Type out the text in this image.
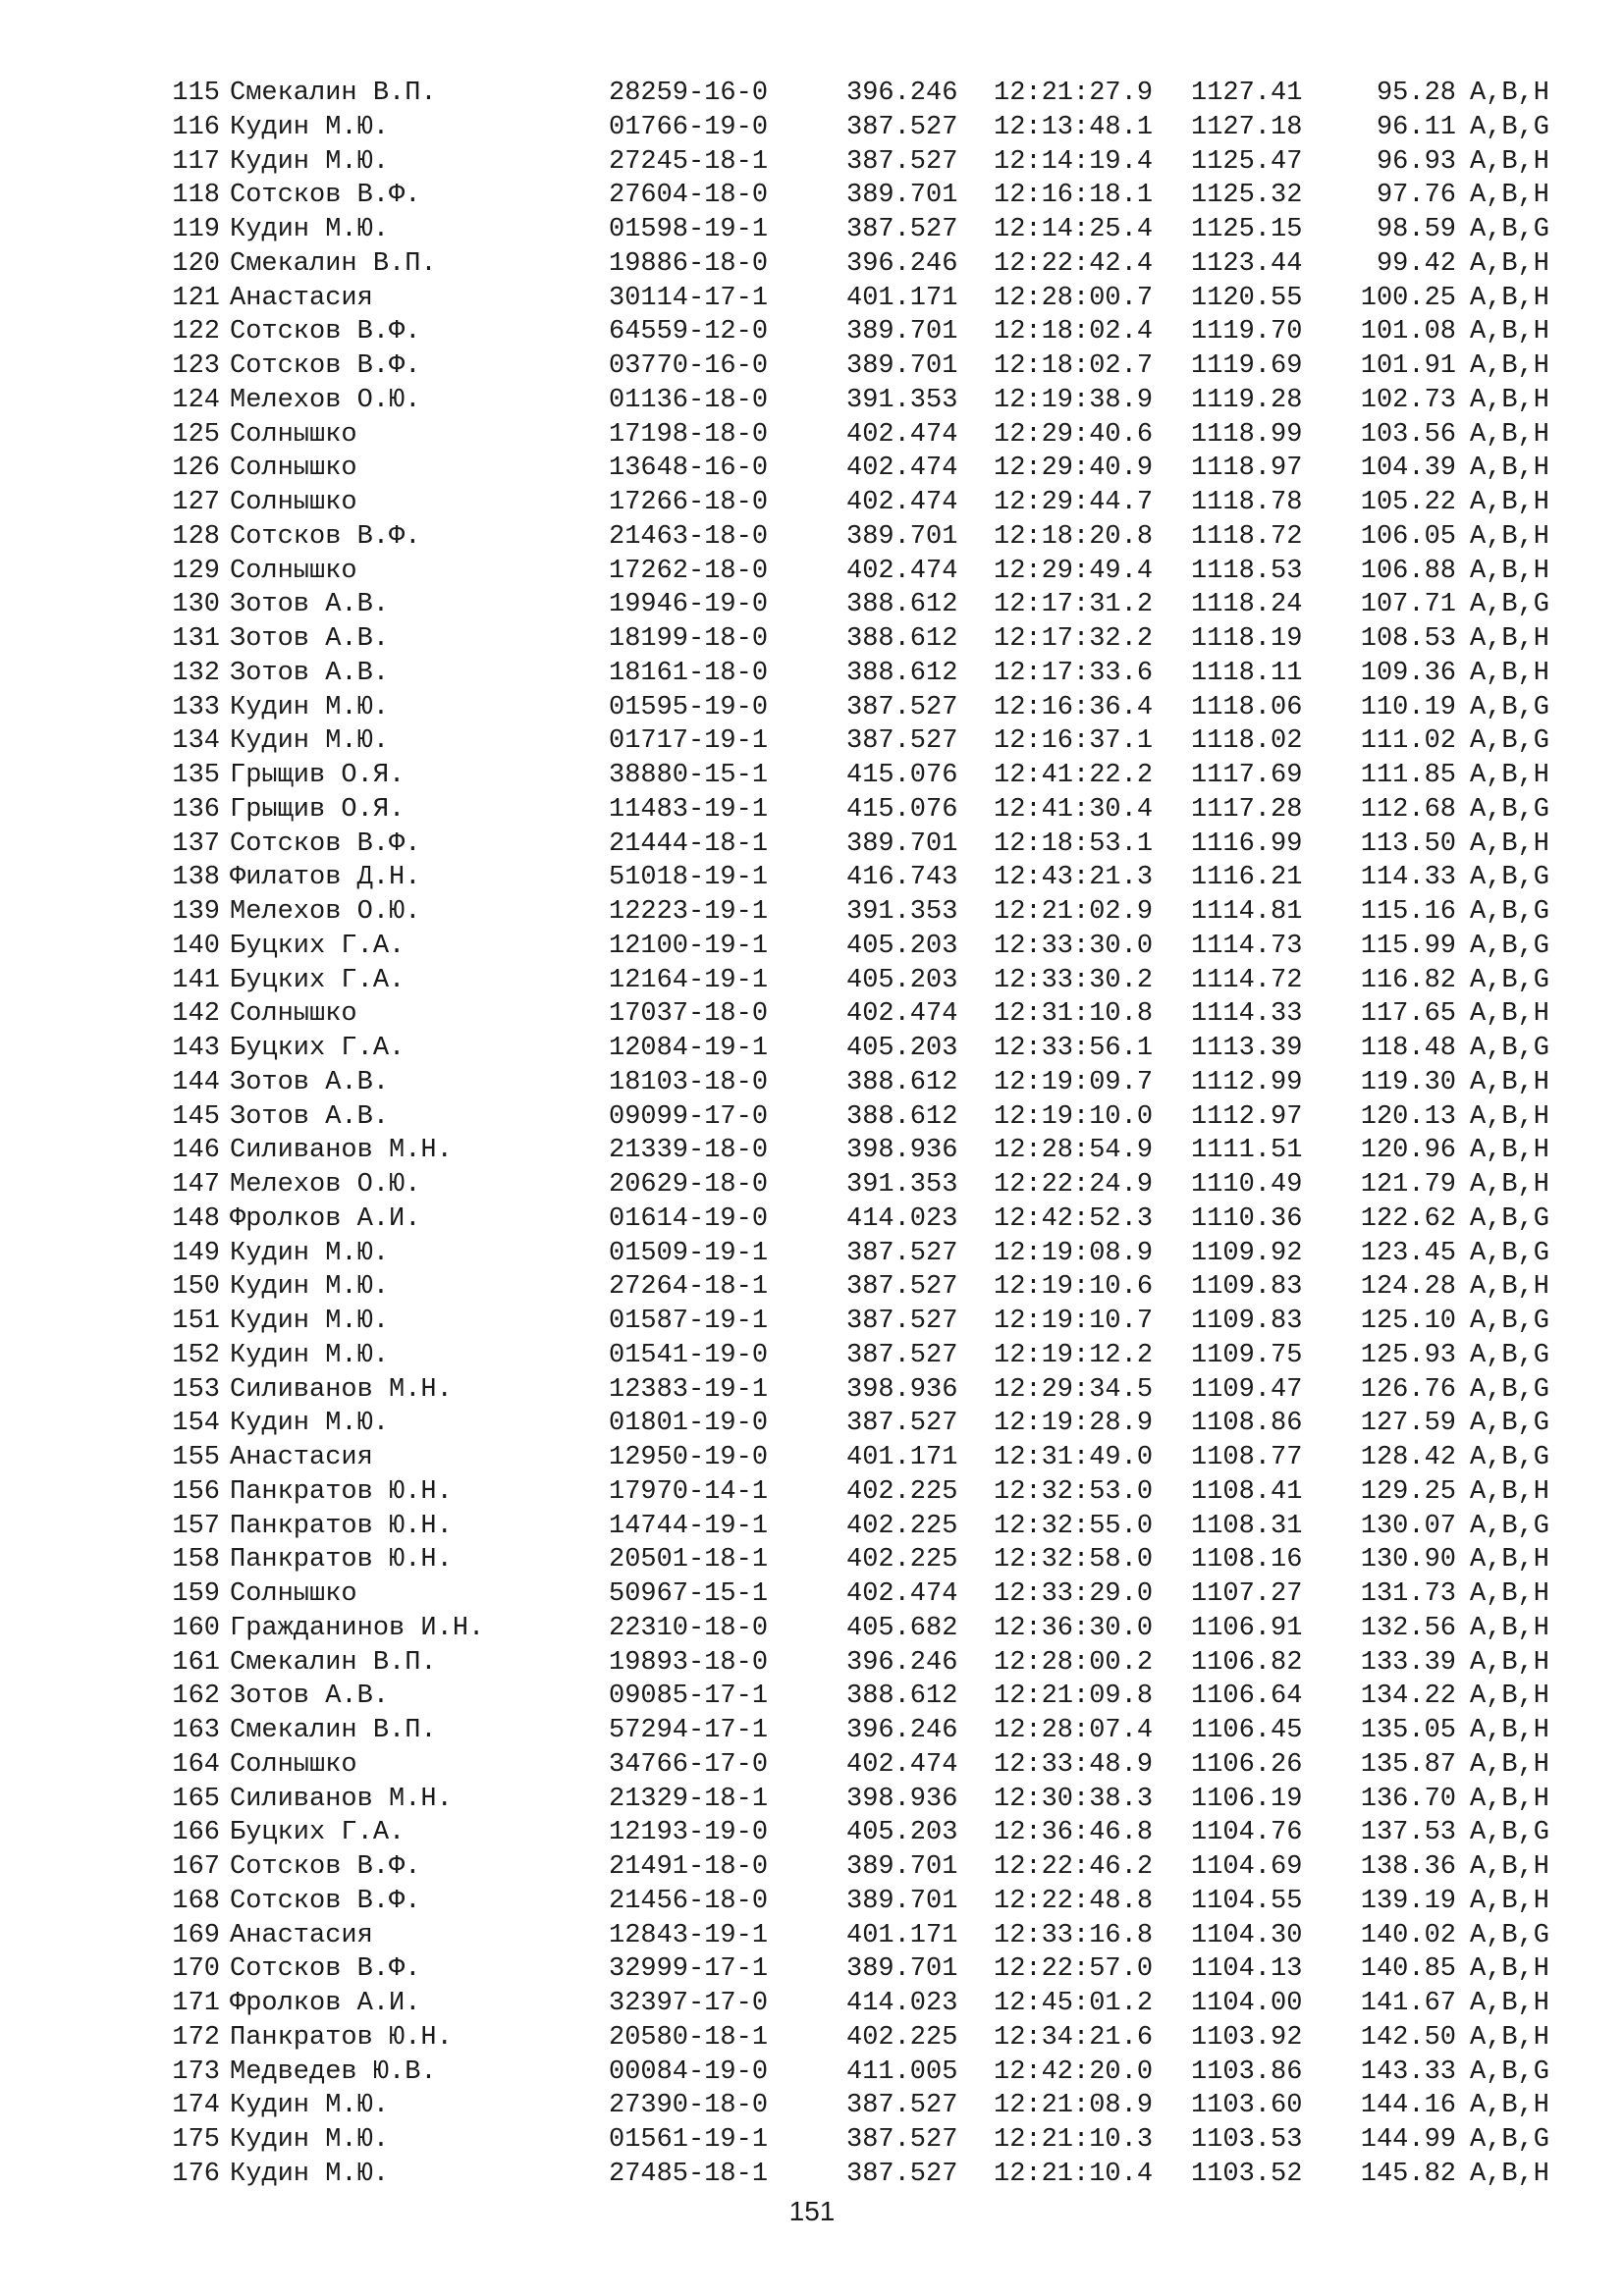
115 Смекалин В.П.	28259-16-0	396.246 12:21:27.9 1127.41	95.28 A,B,H
116 Кудин М.Ю.	01766-19-0	387.527 12:13:48.1 1127.18	96.11 A,B,G
117 Кудин М.Ю.	27245-18-1	387.527 12:14:19.4 1125.47	96.93 A,B,H
118 Сотсков В.Ф.	27604-18-0	389.701 12:16:18.1 1125.32	97.76 A,B,H
119 Кудин М.Ю.	01598-19-1	387.527 12:14:25.4 1125.15	98.59 A,B,G
120 Смекалин В.П.	19886-18-0	396.246 12:22:42.4 1123.44	99.42 A,B,H
121 Анастасия	30114-17-1	401.171 12:28:00.7 1120.55	100.25 A,B,H
122 Сотсков В.Ф.	64559-12-0	389.701 12:18:02.4 1119.70	101.08 A,B,H
123 Сотсков В.Ф.	03770-16-0	389.701 12:18:02.7 1119.69	101.91 A,B,H
124 Мелехов О.Ю.	01136-18-0	391.353 12:19:38.9 1119.28	102.73 A,B,H
125 Солнышко	17198-18-0	402.474 12:29:40.6 1118.99	103.56 A,B,H
126 Солнышко	13648-16-0	402.474 12:29:40.9 1118.97	104.39 A,B,H
127 Солнышко	17266-18-0	402.474 12:29:44.7 1118.78	105.22 A,B,H
128 Сотсков В.Ф.	21463-18-0	389.701 12:18:20.8 1118.72	106.05 A,B,H
129 Солнышко	17262-18-0	402.474 12:29:49.4 1118.53	106.88 A,B,H
130 Зотов А.В.	19946-19-0	388.612 12:17:31.2 1118.24	107.71 A,B,G
131 Зотов А.В.	18199-18-0	388.612 12:17:32.2 1118.19	108.53 A,B,H
132 Зотов А.В.	18161-18-0	388.612 12:17:33.6 1118.11	109.36 A,B,H
133 Кудин М.Ю.	01595-19-0	387.527 12:16:36.4 1118.06	110.19 A,B,G
134 Кудин М.Ю.	01717-19-1	387.527 12:16:37.1 1118.02	111.02 A,B,G
135 Грыщив О.Я.	38880-15-1	415.076 12:41:22.2 1117.69	111.85 A,B,H
136 Грыщив О.Я.	11483-19-1	415.076 12:41:30.4 1117.28	112.68 A,B,G
137 Сотсков В.Ф.	21444-18-1	389.701 12:18:53.1 1116.99	113.50 A,B,H
138 Филатов Д.Н.	51018-19-1	416.743 12:43:21.3 1116.21	114.33 A,B,G
139 Мелехов О.Ю.	12223-19-1	391.353 12:21:02.9 1114.81	115.16 A,B,G
140 Буцких Г.А.	12100-19-1	405.203 12:33:30.0 1114.73	115.99 A,B,G
141 Буцких Г.А.	12164-19-1	405.203 12:33:30.2 1114.72	116.82 A,B,G
142 Солнышко	17037-18-0	402.474 12:31:10.8 1114.33	117.65 A,B,H
143 Буцких Г.А.	12084-19-1	405.203 12:33:56.1 1113.39	118.48 A,B,G
144 Зотов А.В.	18103-18-0	388.612 12:19:09.7 1112.99	119.30 A,B,H
145 Зотов А.В.	09099-17-0	388.612 12:19:10.0 1112.97	120.13 A,B,H
146 Силиванов М.Н.	21339-18-0	398.936 12:28:54.9 1111.51	120.96 A,B,H
147 Мелехов О.Ю.	20629-18-0	391.353 12:22:24.9 1110.49	121.79 A,B,H
148 Фролков А.И.	01614-19-0	414.023 12:42:52.3 1110.36	122.62 A,B,G
149 Кудин М.Ю.	01509-19-1	387.527 12:19:08.9 1109.92	123.45 A,B,G
150 Кудин М.Ю.	27264-18-1	387.527 12:19:10.6 1109.83	124.28 A,B,H
151 Кудин М.Ю.	01587-19-1	387.527 12:19:10.7 1109.83	125.10 A,B,G
152 Кудин М.Ю.	01541-19-0	387.527 12:19:12.2 1109.75	125.93 A,B,G
153 Силиванов М.Н.	12383-19-1	398.936 12:29:34.5 1109.47	126.76 A,B,G
154 Кудин М.Ю.	01801-19-0	387.527 12:19:28.9 1108.86	127.59 A,B,G
155 Анастасия	12950-19-0	401.171 12:31:49.0 1108.77	128.42 A,B,G
156 Панкратов Ю.Н.	17970-14-1	402.225 12:32:53.0 1108.41	129.25 A,B,H
157 Панкратов Ю.Н.	14744-19-1	402.225 12:32:55.0 1108.31	130.07 A,B,G
158 Панкратов Ю.Н.	20501-18-1	402.225 12:32:58.0 1108.16	130.90 A,B,H
159 Солнышко	50967-15-1	402.474 12:33:29.0 1107.27	131.73 A,B,H
160 Гражданинов И.Н.	22310-18-0	405.682 12:36:30.0 1106.91	132.56 A,B,H
161 Смекалин В.П.	19893-18-0	396.246 12:28:00.2 1106.82	133.39 A,B,H
162 Зотов А.В.	09085-17-1	388.612 12:21:09.8 1106.64	134.22 A,B,H
163 Смекалин В.П.	57294-17-1	396.246 12:28:07.4 1106.45	135.05 A,B,H
164 Солнышко	34766-17-0	402.474 12:33:48.9 1106.26	135.87 A,B,H
165 Силиванов М.Н.	21329-18-1	398.936 12:30:38.3 1106.19	136.70 A,B,H
166 Буцких Г.А.	12193-19-0	405.203 12:36:46.8 1104.76	137.53 A,B,G
167 Сотсков В.Ф.	21491-18-0	389.701 12:22:46.2 1104.69	138.36 A,B,H
168 Сотсков В.Ф.	21456-18-0	389.701 12:22:48.8 1104.55	139.19 A,B,H
169 Анастасия	12843-19-1	401.171 12:33:16.8 1104.30	140.02 A,B,G
170 Сотсков В.Ф.	32999-17-1	389.701 12:22:57.0 1104.13	140.85 A,B,H
171 Фролков А.И.	32397-17-0	414.023 12:45:01.2 1104.00	141.67 A,B,H
172 Панкратов Ю.Н.	20580-18-1	402.225 12:34:21.6 1103.92	142.50 A,B,H
173 Медведев Ю.В.	00084-19-0	411.005 12:42:20.0 1103.86	143.33 A,B,G
174 Кудин М.Ю.	27390-18-0	387.527 12:21:08.9 1103.60	144.16 A,B,H
175 Кудин М.Ю.	01561-19-1	387.527 12:21:10.3 1103.53	144.99 A,B,G
176 Кудин М.Ю.	27485-18-1	387.527 12:21:10.4 1103.52	145.82 A,B,H
151
